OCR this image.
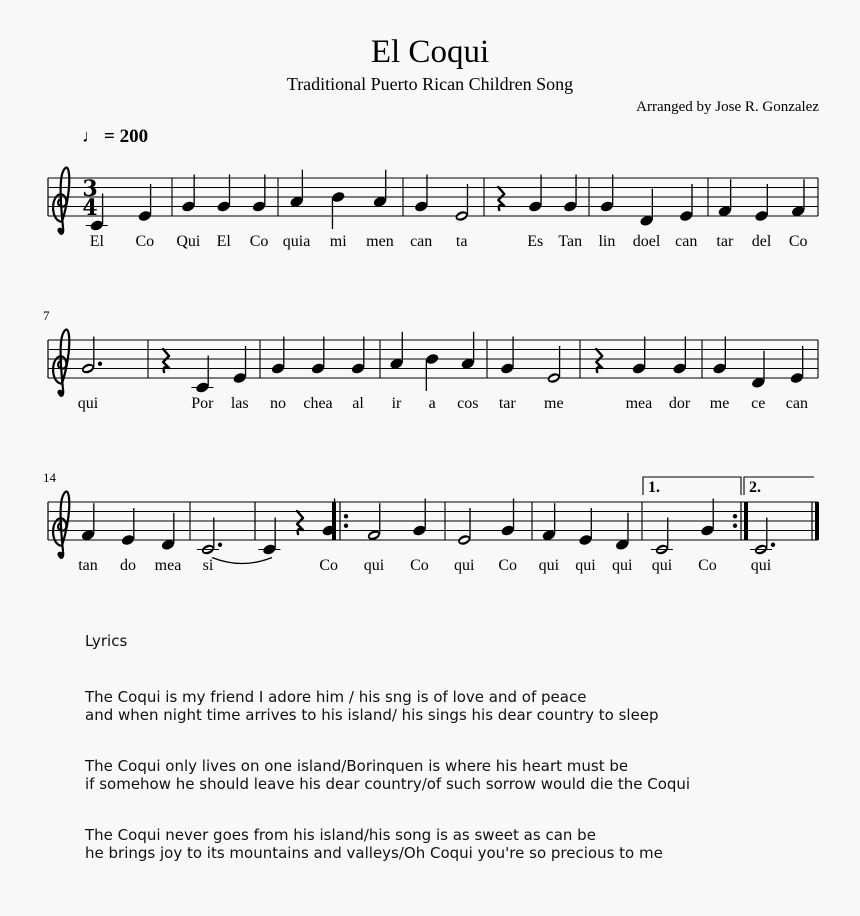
El Coqui
Traditional Puerto Rican Children Song
Arranged by Jose R. Gonzalez
♩ = 200
3
4
El Co Qui El Co quia mi men can ta	Es Tan lin doel can tar del Co
7
qui	Por las no chea al ir a cos tar me	mea dor me ce can
14
tan do mea si	Co qui Co qui Co qui qui qui qui Co
1.
qui
2.
Lyrics
The Coqui is my friend I adore him / his sng is of love and of peace
and when night time arrives to his island/ his sings his dear country to sleep
The Coqui only lives on one island/Borinquen is where his heart must be
if somehow he should leave his dear country/of such sorrow would die the Coqui
The Coqui never goes from his island/his song is as sweet as can be
he brings joy to its mountains and valleys/Oh Coqui you're so precious to me
